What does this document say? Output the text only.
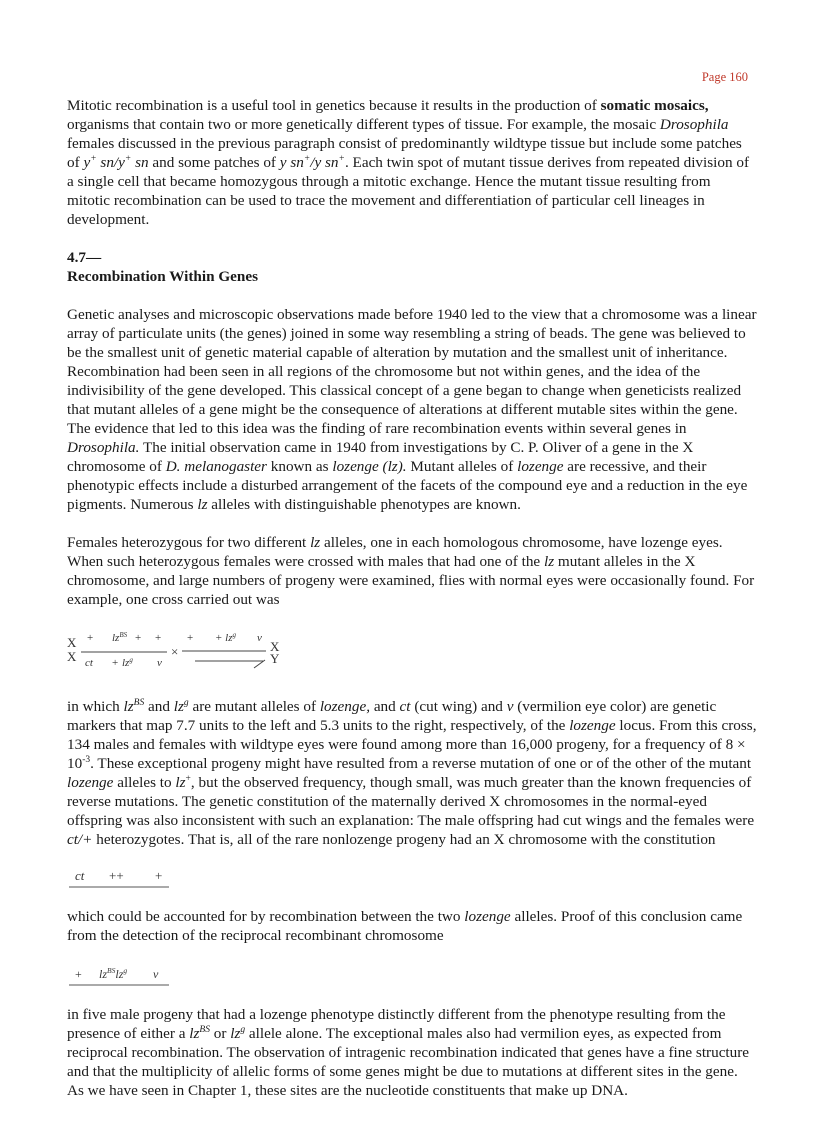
Page 160

Mitotic recombination is a useful tool in genetics because it results in the production of somatic mosaics, organisms that contain two or more genetically different types of tissue. For example, the mosaic Drosophila females discussed in the previous paragraph consist of predominantly wildtype tissue but include some patches of y+ sn/y+ sn and some patches of y sn+/y sn+. Each twin spot of mutant tissue derives from repeated division of a single cell that became homozygous through a mitotic exchange. Hence the mutant tissue resulting from mitotic recombination can be used to trace the movement and differentiation of particular cell lineages in development.

4.7—
Recombination Within Genes

Genetic analyses and microscopic observations made before 1940 led to the view that a chromosome was a linear array of particulate units (the genes) joined in some way resembling a string of beads. The gene was believed to be the smallest unit of genetic material capable of alteration by mutation and the smallest unit of inheritance. Recombination had been seen in all regions of the chromosome but not within genes, and the idea of the indivisibility of the gene developed. This classical concept of a gene began to change when geneticists realized that mutant alleles of a gene might be the consequence of alterations at different mutable sites within the gene. The evidence that led to this idea was the finding of rare recombination events within several genes in Drosophila. The initial observation came in 1940 from investigations by C. P. Oliver of a gene in the X chromosome of D. melanogaster known as lozenge (lz). Mutant alleles of lozenge are recessive, and their phenotypic effects include a disturbed arrangement of the facets of the compound eye and a reduction in the eye pigments. Numerous lz alleles with distinguishable phenotypes are known.

Females heterozygous for two different lz alleles, one in each homologous chromosome, have lozenge eyes. When such heterozygous females were crossed with males that had one of the lz mutant alleles in the X chromosome, and large numbers of progeny were examined, flies with normal eyes were occasionally found. For example, one cross carried out was

X
X
+ $lz^{BS}$ + +
ct + $lz^g$ v
×
+ + $lz^g$ v
X
Y

in which $lz^{BS}$ and $lz^g$ are mutant alleles of lozenge, and ct (cut wing) and v (vermilion eye color) are genetic markers that map 7.7 units to the left and 5.3 units to the right, respectively, of the lozenge locus. From this cross, 134 males and females with wildtype eyes were found among more than 16,000 progeny, for a frequency of $8 \times 10^{-3}$. These exceptional progeny might have resulted from a reverse mutation of one or of the other of the mutant lozenge alleles to lz+, but the observed frequency, though small, was much greater than the known frequencies of reverse mutations. The genetic constitution of the maternally derived X chromosomes in the normal-eyed offspring was also inconsistent with such an explanation: The male offspring had cut wings and the females were ct/+ heterozygotes. That is, all of the rare nonlozenge progeny had an X chromosome with the constitution

ct ++ +

which could be accounted for by recombination between the two lozenge alleles. Proof of this conclusion came from the detection of the reciprocal recombinant chromosome

+ $lz^{BS}lz^g$ v

in five male progeny that had a lozenge phenotype distinctly different from the phenotype resulting from the presence of either a $lz^{BS}$ or $lz^g$ allele alone. The exceptional males also had vermilion eyes, as expected from reciprocal recombination. The observation of intragenic recombination indicated that genes have a fine structure and that the multiplicity of allelic forms of some genes might be due to mutations at different sites in the gene. As we have seen in Chapter 1, these sites are the nucleotide constituents that make up DNA.
